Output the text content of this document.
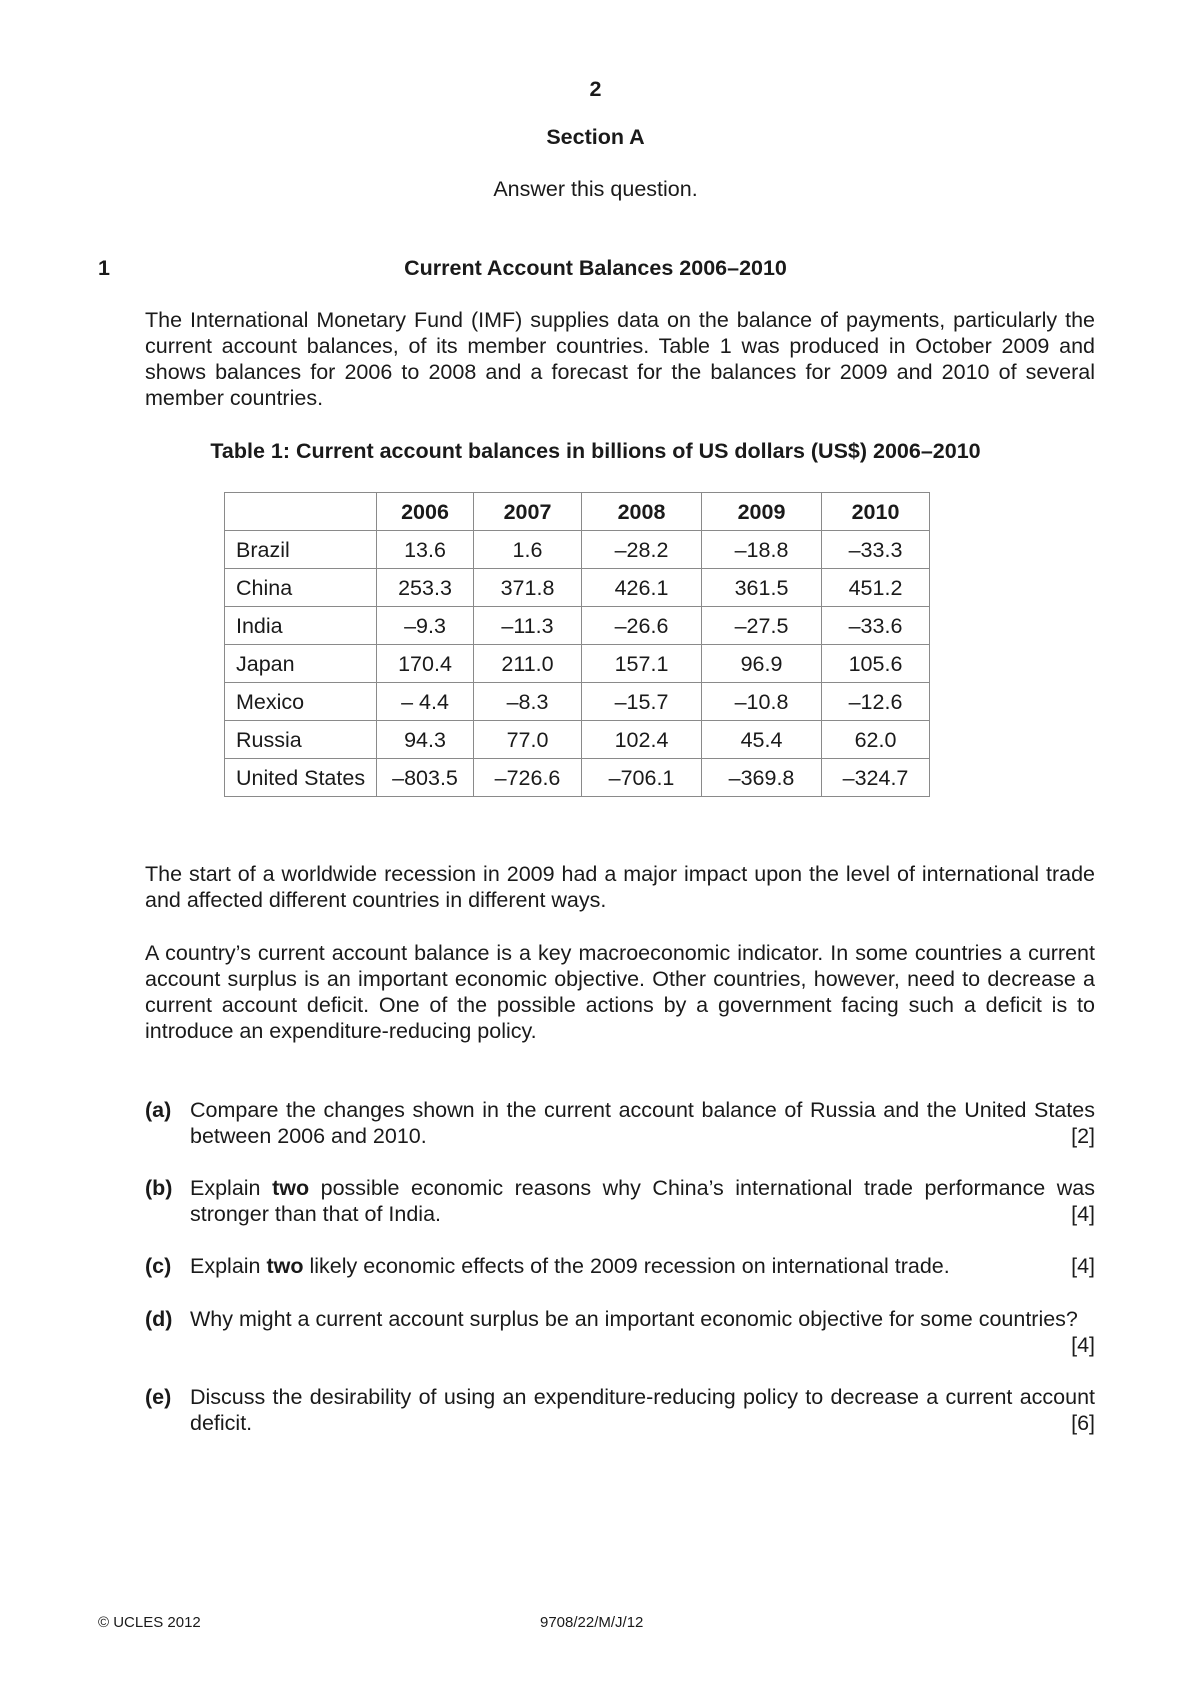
2
Section A
Answer this question.
1	Current Account Balances 2006–2010

The International Monetary Fund (IMF) supplies data on the balance of payments, particularly the current account balances, of its member countries. Table 1 was produced in October 2009 and shows balances for 2006 to 2008 and a forecast for the balances for 2009 and 2010 of several member countries.

Table 1: Current account balances in billions of US dollars (US$) 2006–2010
	2006	2007	2008	2009	2010
Brazil	13.6	1.6	–28.2	–18.8	–33.3
China	253.3	371.8	426.1	361.5	451.2
India	–9.3	–11.3	–26.6	–27.5	–33.6
Japan	170.4	211.0	157.1	96.9	105.6
Mexico	– 4.4	–8.3	–15.7	–10.8	–12.6
Russia	94.3	77.0	102.4	45.4	62.0
United States	–803.5	–726.6	–706.1	–369.8	–324.7

The start of a worldwide recession in 2009 had a major impact upon the level of international trade and affected different countries in different ways.

A country’s current account balance is a key macroeconomic indicator. In some countries a current account surplus is an important economic objective. Other countries, however, need to decrease a current account deficit. One of the possible actions by a government facing such a deficit is to introduce an expenditure-reducing policy.

(a) Compare the changes shown in the current account balance of Russia and the United States between 2006 and 2010.	[2]
(b) Explain two possible economic reasons why China’s international trade performance was stronger than that of India.	[4]
(c) Explain two likely economic effects of the 2009 recession on international trade.	[4]
(d) Why might a current account surplus be an important economic objective for some countries?

[4]
(e) Discuss the desirability of using an expenditure-reducing policy to decrease a current account deficit.	[6]
© UCLES 2012	9708/22/M/J/12
